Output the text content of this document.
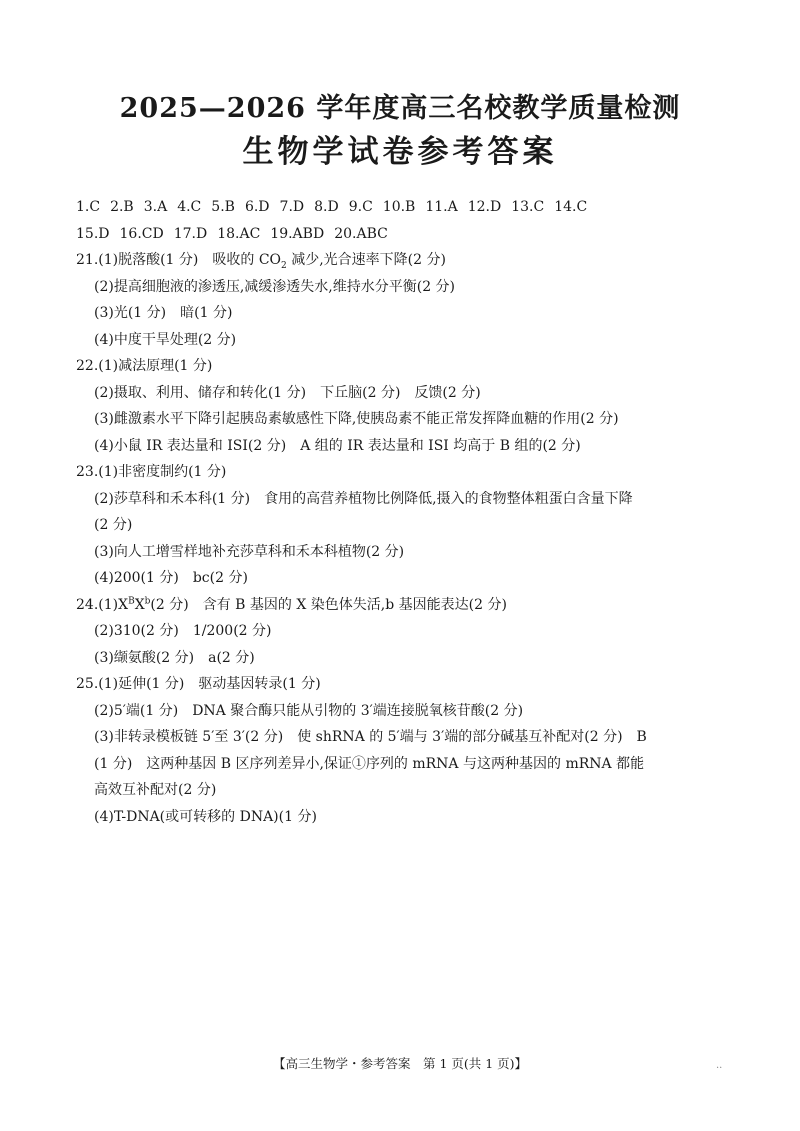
2025—2026 学年度高三名校教学质量检测
生物学试卷参考答案
1.C 2.B 3.A 4.C 5.B 6.D 7.D 8.D 9.C 10.B 11.A 12.D 13.C 14.C
15.D 16.CD 17.D 18.AC 19.ABD 20.ABC
21.(1)脱落酸(1 分) 吸收的 $CO_2$ 减少,光合速率下降(2 分)
(2)提高细胞液的渗透压,减缓渗透失水,维持水分平衡(2 分)
(3)光(1 分) 暗(1 分)
(4)中度干旱处理(2 分)
22.(1)减法原理(1 分)
(2)摄取、利用、储存和转化(1 分) 下丘脑(2 分) 反馈(2 分)
(3)雌激素水平下降引起胰岛素敏感性下降,使胰岛素不能正常发挥降血糖的作用(2 分)
(4)小鼠 IR 表达量和 ISI(2 分) A 组的 IR 表达量和 ISI 均高于 B 组的(2 分)
23.(1)非密度制约(1 分)
(2)莎草科和禾本科(1 分) 食用的高营养植物比例降低,摄入的食物整体粗蛋白含量下降
(2 分)
(3)向人工增雪样地补充莎草科和禾本科植物(2 分)
(4)200(1 分) bc(2 分)
$24.(1)X^BX^b(2$ 分) 含有 B 基因的 X 染色体失活,b 基因能表达(2 分)
(2)310(2 分) 1/200(2 分)
(3)缬氨酸(2 分) a(2 分)
25.(1)延伸(1 分) 驱动基因转录(1 分)
(2)5′端(1 分) DNA 聚合酶只能从引物的 3′端连接脱氧核苷酸(2 分)
(3)非转录模板链 5′至 3′(2 分) 使 shRNA 的 5′端与 3′端的部分碱基互补配对(2 分) B
(1 分) 这两种基因 B 区序列差异小,保证①序列的 mRNA 与这两种基因的 mRNA 都能
高效互补配对(2 分)
(4)T-DNA(或可转移的 DNA)(1 分)
【高三生物学・参考答案　第 1 页(共 1 页)】	..
